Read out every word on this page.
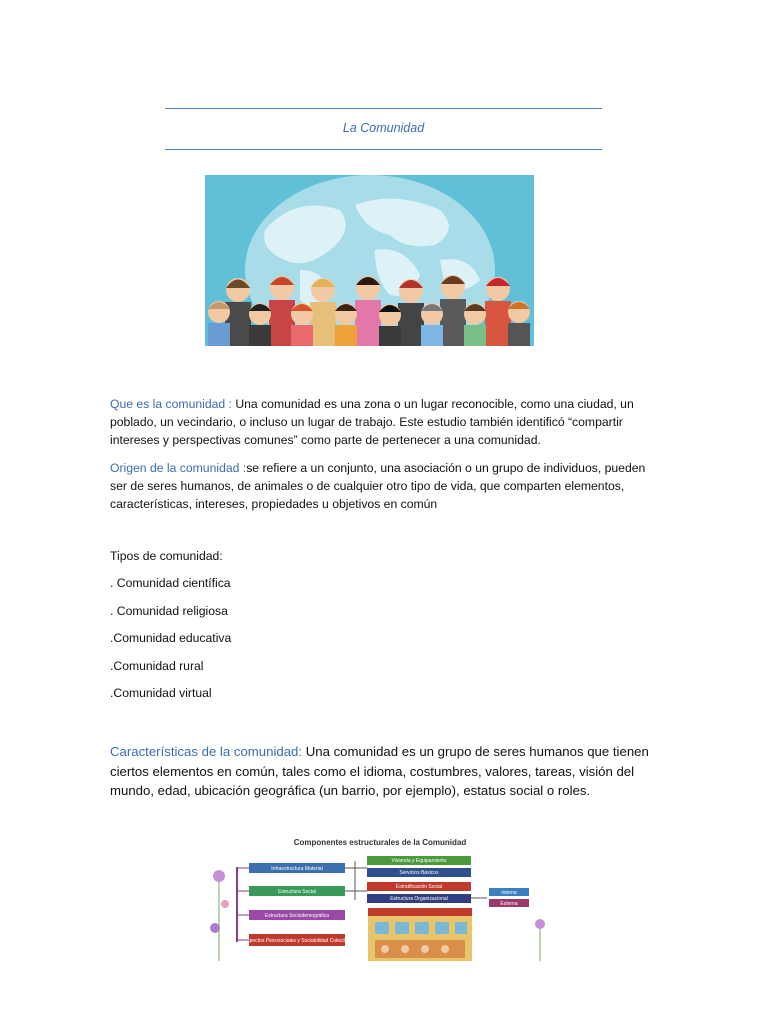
La Comunidad
Que es la comunidad : Una comunidad es una zona o un lugar reconocible, como una ciudad, un poblado, un vecindario, o incluso un lugar de trabajo. Este estudio también identificó “compartir intereses y perspectivas comunes” como parte de pertenecer a una comunidad.
Origen de la comunidad :se refiere a un conjunto, una asociación o un grupo de individuos, pueden ser de seres humanos, de animales o de cualquier otro tipo de vida, que comparten elementos, características, intereses, propiedades u objetivos en común
Tipos de comunidad:
. Comunidad científica
. Comunidad religiosa
.Comunidad educativa
.Comunidad rural
.Comunidad virtual
Características de la comunidad: Una comunidad es un grupo de seres humanos que tienen ciertos elementos en común, tales como el idioma, costumbres, valores, tareas, visión del mundo, edad, ubicación geográfica (un barrio, por ejemplo), estatus social o roles.
Componentes estructurales de la Comunidad
Infraestructura Material
Estructura Social
Estructura Sociodemográfica
Aspectos Psicosociales y Sociabilidad Colectiva
Vivienda y Equipamiento
Servicios Básicos
Estratificación Social
Estructura Organizacional
Interna
Externa
